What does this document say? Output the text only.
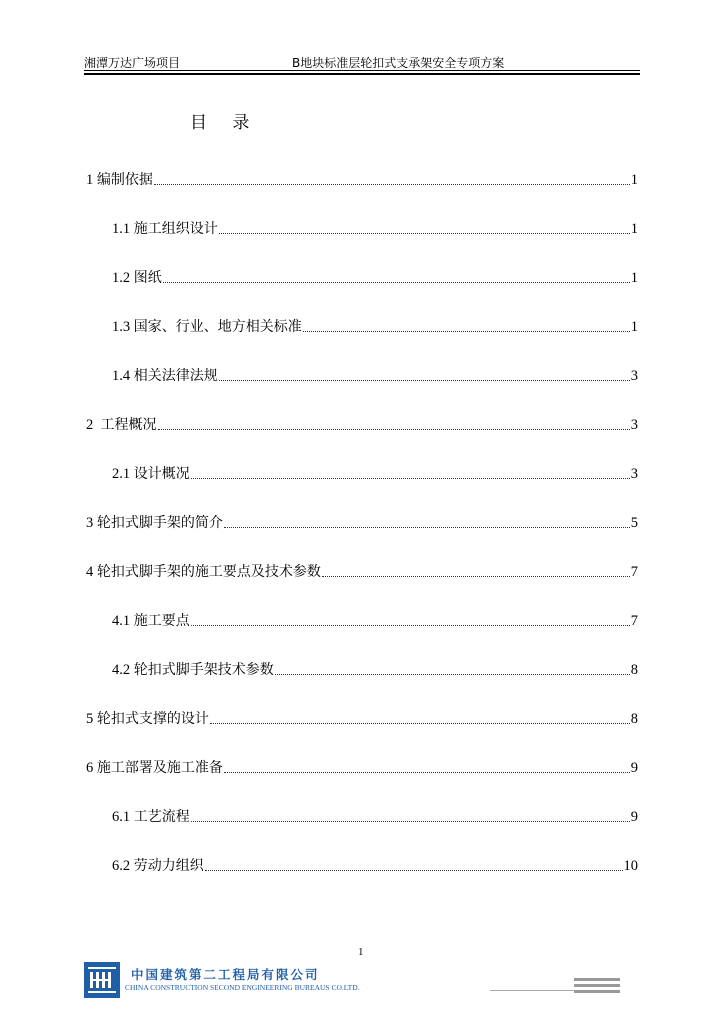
湘潭万达广场项目	B地块标准层轮扣式支承架安全专项方案
目 录
1 编制依据	1
1.1 施工组织设计	1
1.2 图纸	1
1.3 国家、行业、地方相关标准	1
1.4 相关法律法规	3
2 工程概况	3
2.1 设计概况	3
3 轮扣式脚手架的简介	5
4 轮扣式脚手架的施工要点及技术参数	7
4.1 施工要点	7
4.2 轮扣式脚手架技术参数	8
5 轮扣式支撑的设计	8
6 施工部署及施工准备	9
6.1 工艺流程	9
6.2 劳动力组织	10
1
中国建筑第二工程局有限公司
CHINA CONSTRUCTION SECOND ENGINEERING BUREAUS CO.LTD.
